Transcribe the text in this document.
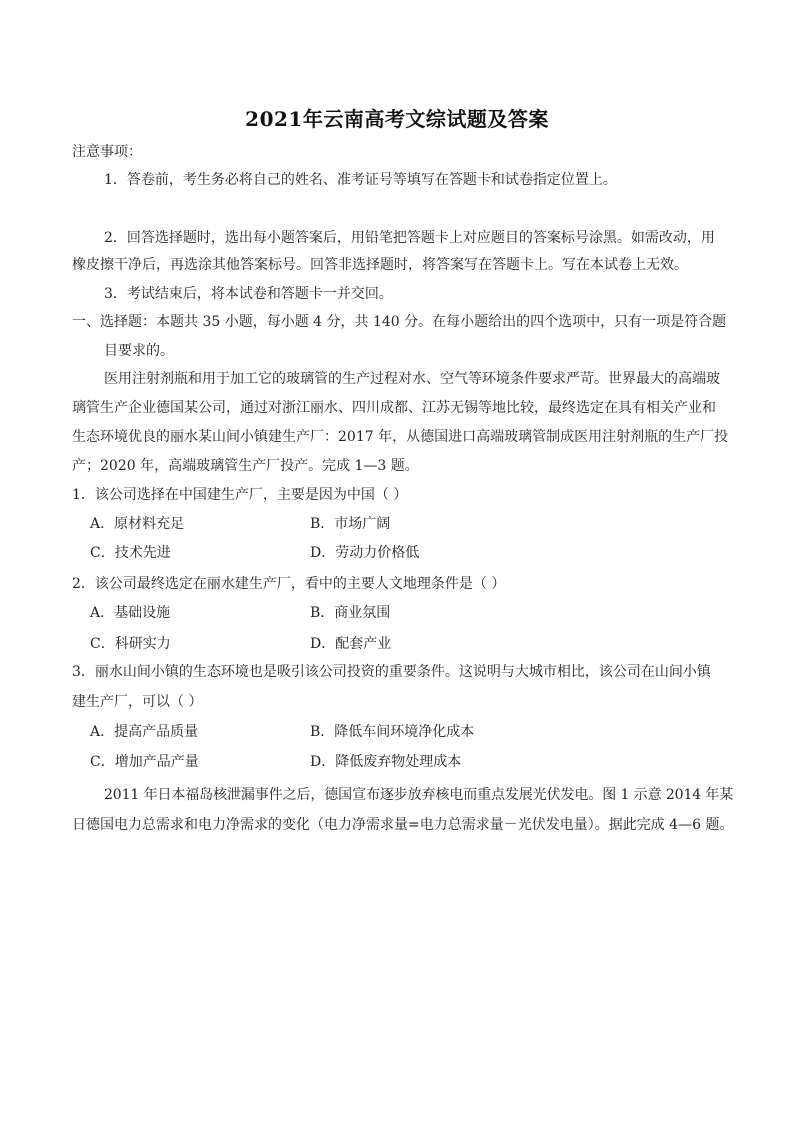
2021年云南高考文综试题及答案
注意事项：
1．答卷前，考生务必将自己的姓名、准考证号等填写在答题卡和试卷指定位置上。
2．回答选择题时，选出每小题答案后，用铅笔把答题卡上对应题目的答案标号涂黑。如需改动，用
橡皮擦干净后，再选涂其他答案标号。回答非选择题时，将答案写在答题卡上。写在本试卷上无效。
3．考试结束后，将本试卷和答题卡一并交回。
一、选择题：本题共 35 小题，每小题 4 分，共 140 分。在每小题给出的四个选项中，只有一项是符合题
目要求的。
医用注射剂瓶和用于加工它的玻璃管的生产过程对水、空气等环境条件要求严苛。世界最大的高端玻
璃管生产企业德国某公司，通过对浙江丽水、四川成都、江苏无锡等地比较，最终选定在具有相关产业和
生态环境优良的丽水某山间小镇建生产厂：2017 年，从德国进口高端玻璃管制成医用注射剂瓶的生产厂投
产；2020 年，高端玻璃管生产厂投产。完成 1—3 题。
1．该公司选择在中国建生产厂，主要是因为中国（ ）
A．原材料充足	B．市场广阔
C．技术先进	D．劳动力价格低
2．该公司最终选定在丽水建生产厂，看中的主要人文地理条件是（ ）
A．基础设施	B．商业氛围
C．科研实力	D．配套产业
3．丽水山间小镇的生态环境也是吸引该公司投资的重要条件。这说明与大城市相比，该公司在山间小镇
建生产厂，可以（ ）
A．提高产品质量	B．降低车间环境净化成本
C．增加产品产量	D．降低废弃物处理成本
2011 年日本福岛核泄漏事件之后，德国宣布逐步放弃核电而重点发展光伏发电。图 1 示意 2014 年某
日德国电力总需求和电力净需求的变化（电力净需求量=电力总需求量－光伏发电量）。据此完成 4—6 题。
